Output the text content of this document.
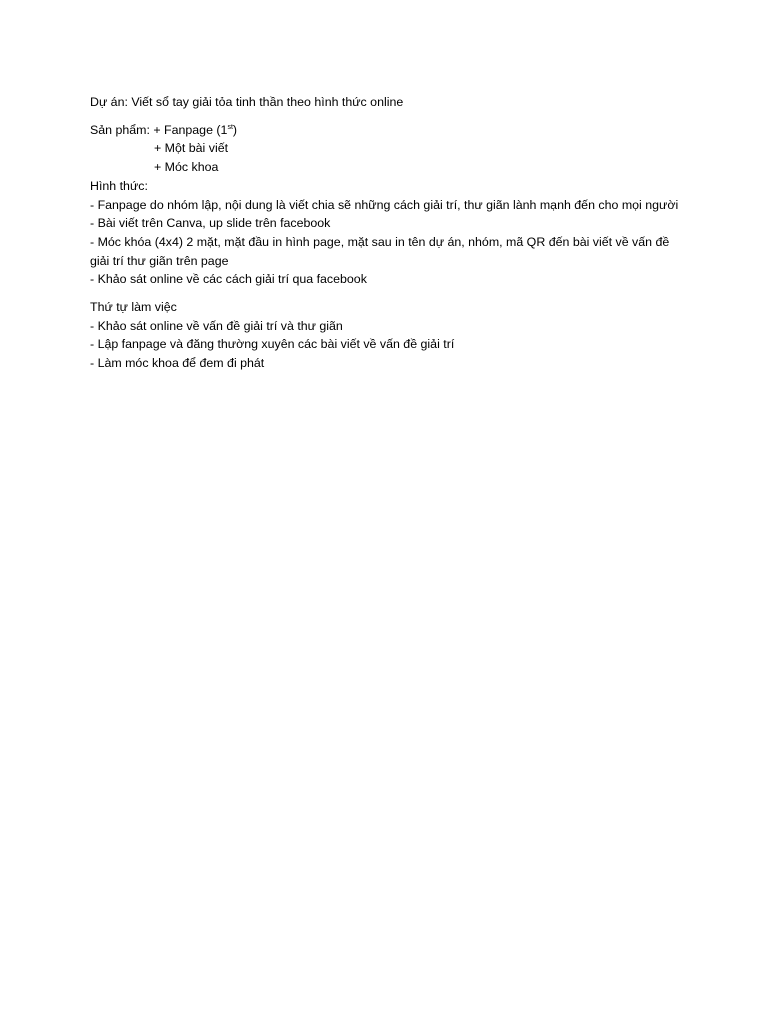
Dự án: Viết sổ tay giải tỏa tinh thần theo hình thức online

Sản phẩm: + Fanpage (1st)
+ Một bài viết
+ Móc khoa
Hình thức:
- Fanpage do nhóm lập, nội dung là viết chia sẽ những cách giải trí, thư giãn lành mạnh đến cho mọi người
- Bài viết trên Canva, up slide trên facebook
- Móc khóa (4x4) 2 mặt, mặt đầu in hình page, mặt sau in tên dự án, nhóm, mã QR đến bài viết về vấn đề giải trí thư giãn trên page
- Khảo sát online về các cách giải trí qua facebook

Thứ tự làm việc
- Khảo sát online về vấn đề giải trí và thư giãn
- Lập fanpage và đăng thường xuyên các bài viết về vấn đề giải trí
- Làm móc khoa để đem đi phát
